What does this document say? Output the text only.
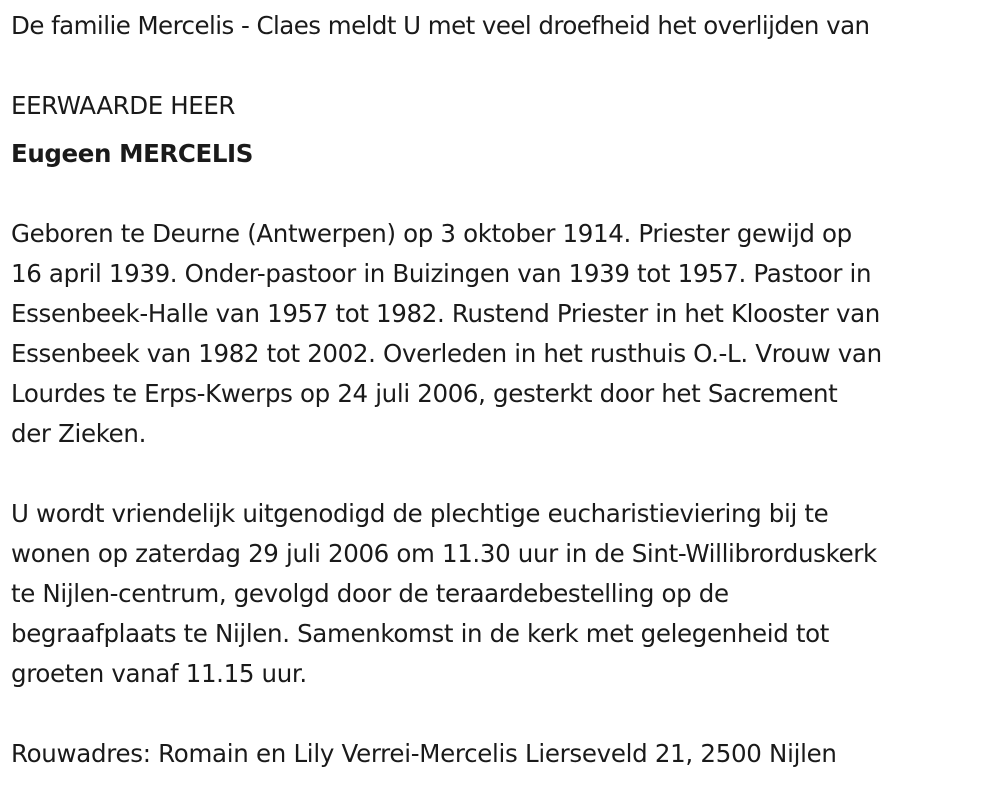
De familie Mercelis - Claes meldt U met veel droefheid het overlijden van
EERWAARDE HEER
Eugeen MERCELIS
Geboren te Deurne (Antwerpen) op 3 oktober 1914. Priester gewijd op
16 april 1939. Onder-pastoor in Buizingen van 1939 tot 1957. Pastoor in
Essenbeek-Halle van 1957 tot 1982. Rustend Priester in het Klooster van
Essenbeek van 1982 tot 2002. Overleden in het rusthuis O.-L. Vrouw van
Lourdes te Erps-Kwerps op 24 juli 2006, gesterkt door het Sacrement
der Zieken.
U wordt vriendelijk uitgenodigd de plechtige eucharistieviering bij te
wonen op zaterdag 29 juli 2006 om 11.30 uur in de Sint-Willibrorduskerk
te Nijlen-centrum, gevolgd door de teraardebestelling op de
begraafplaats te Nijlen. Samenkomst in de kerk met gelegenheid tot
groeten vanaf 11.15 uur.
Rouwadres: Romain en Lily Verrei-Mercelis Lierseveld 21, 2500 Nijlen
